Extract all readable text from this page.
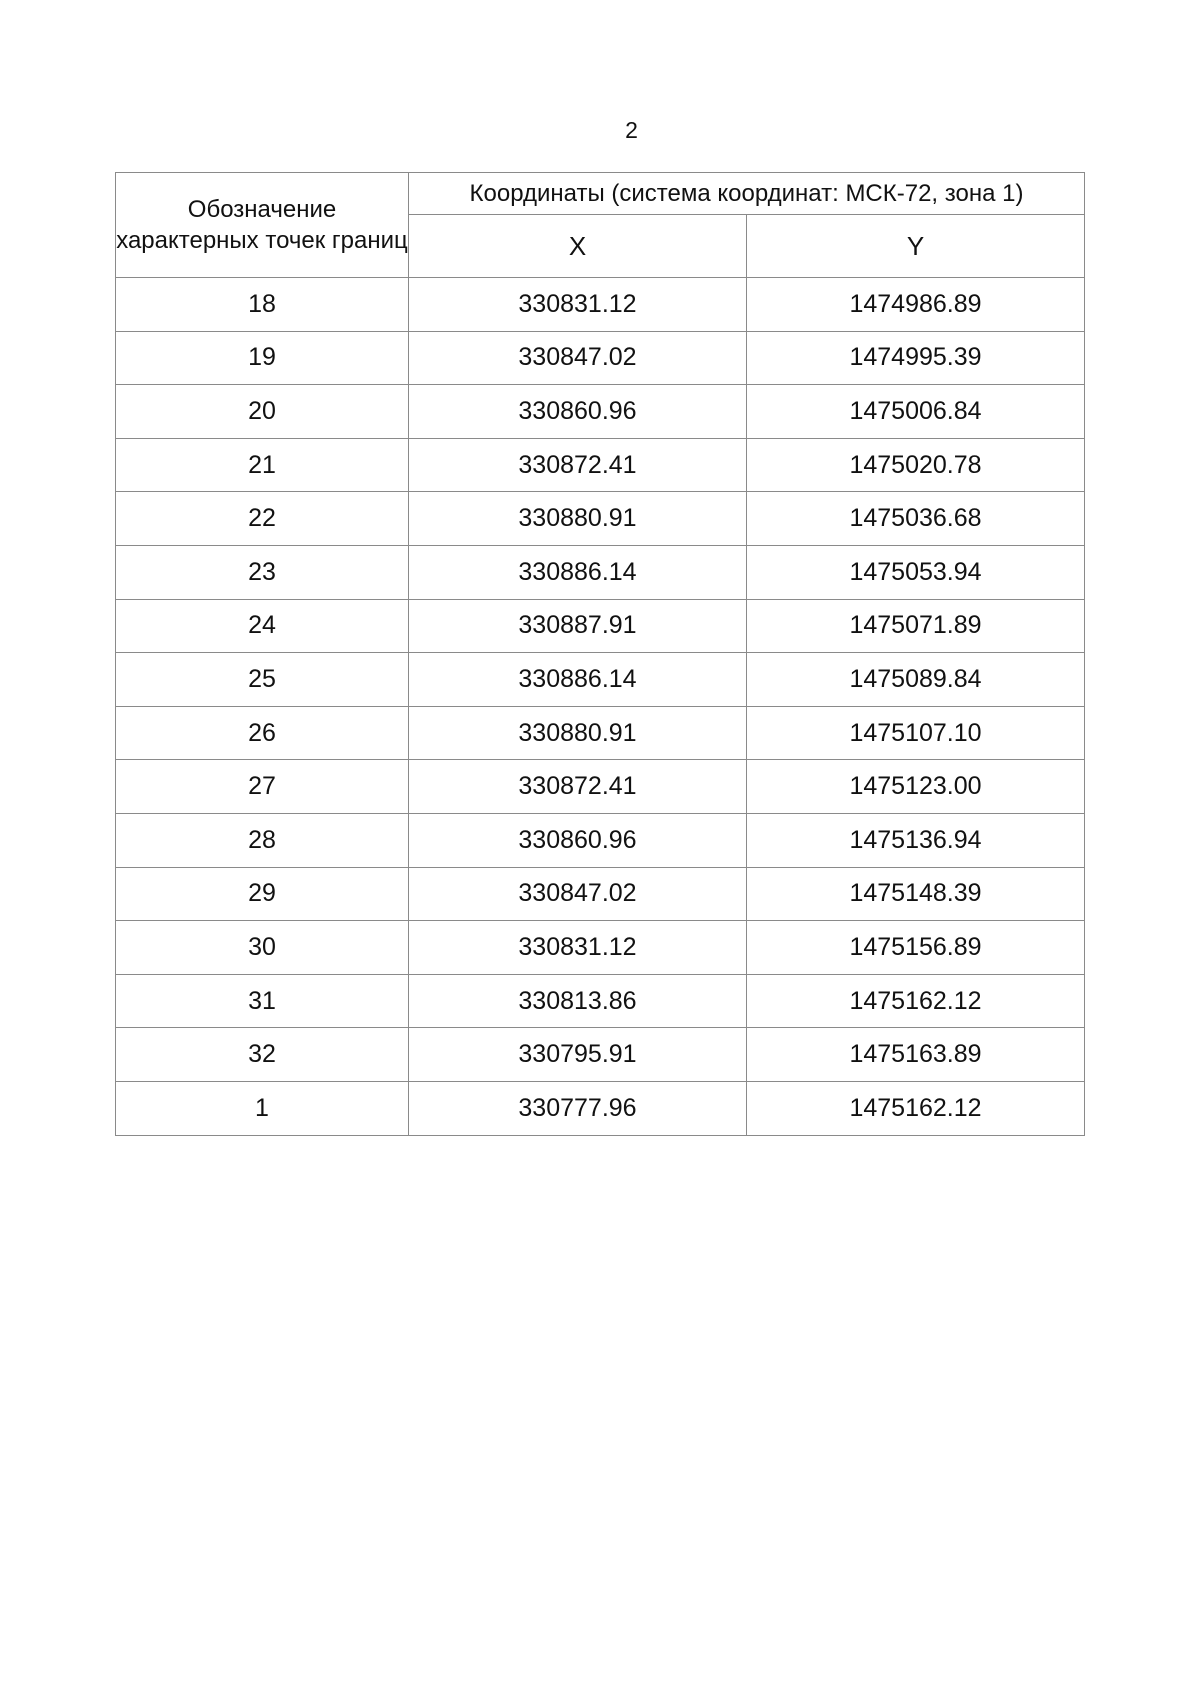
2
Обозначение характерных точек границ	Координаты (система координат: МСК-72, зона 1)	
	X	Y
18	330831.12	1474986.89
19	330847.02	1474995.39
20	330860.96	1475006.84
21	330872.41	1475020.78
22	330880.91	1475036.68
23	330886.14	1475053.94
24	330887.91	1475071.89
25	330886.14	1475089.84
26	330880.91	1475107.10
27	330872.41	1475123.00
28	330860.96	1475136.94
29	330847.02	1475148.39
30	330831.12	1475156.89
31	330813.86	1475162.12
32	330795.91	1475163.89
1	330777.96	1475162.12
